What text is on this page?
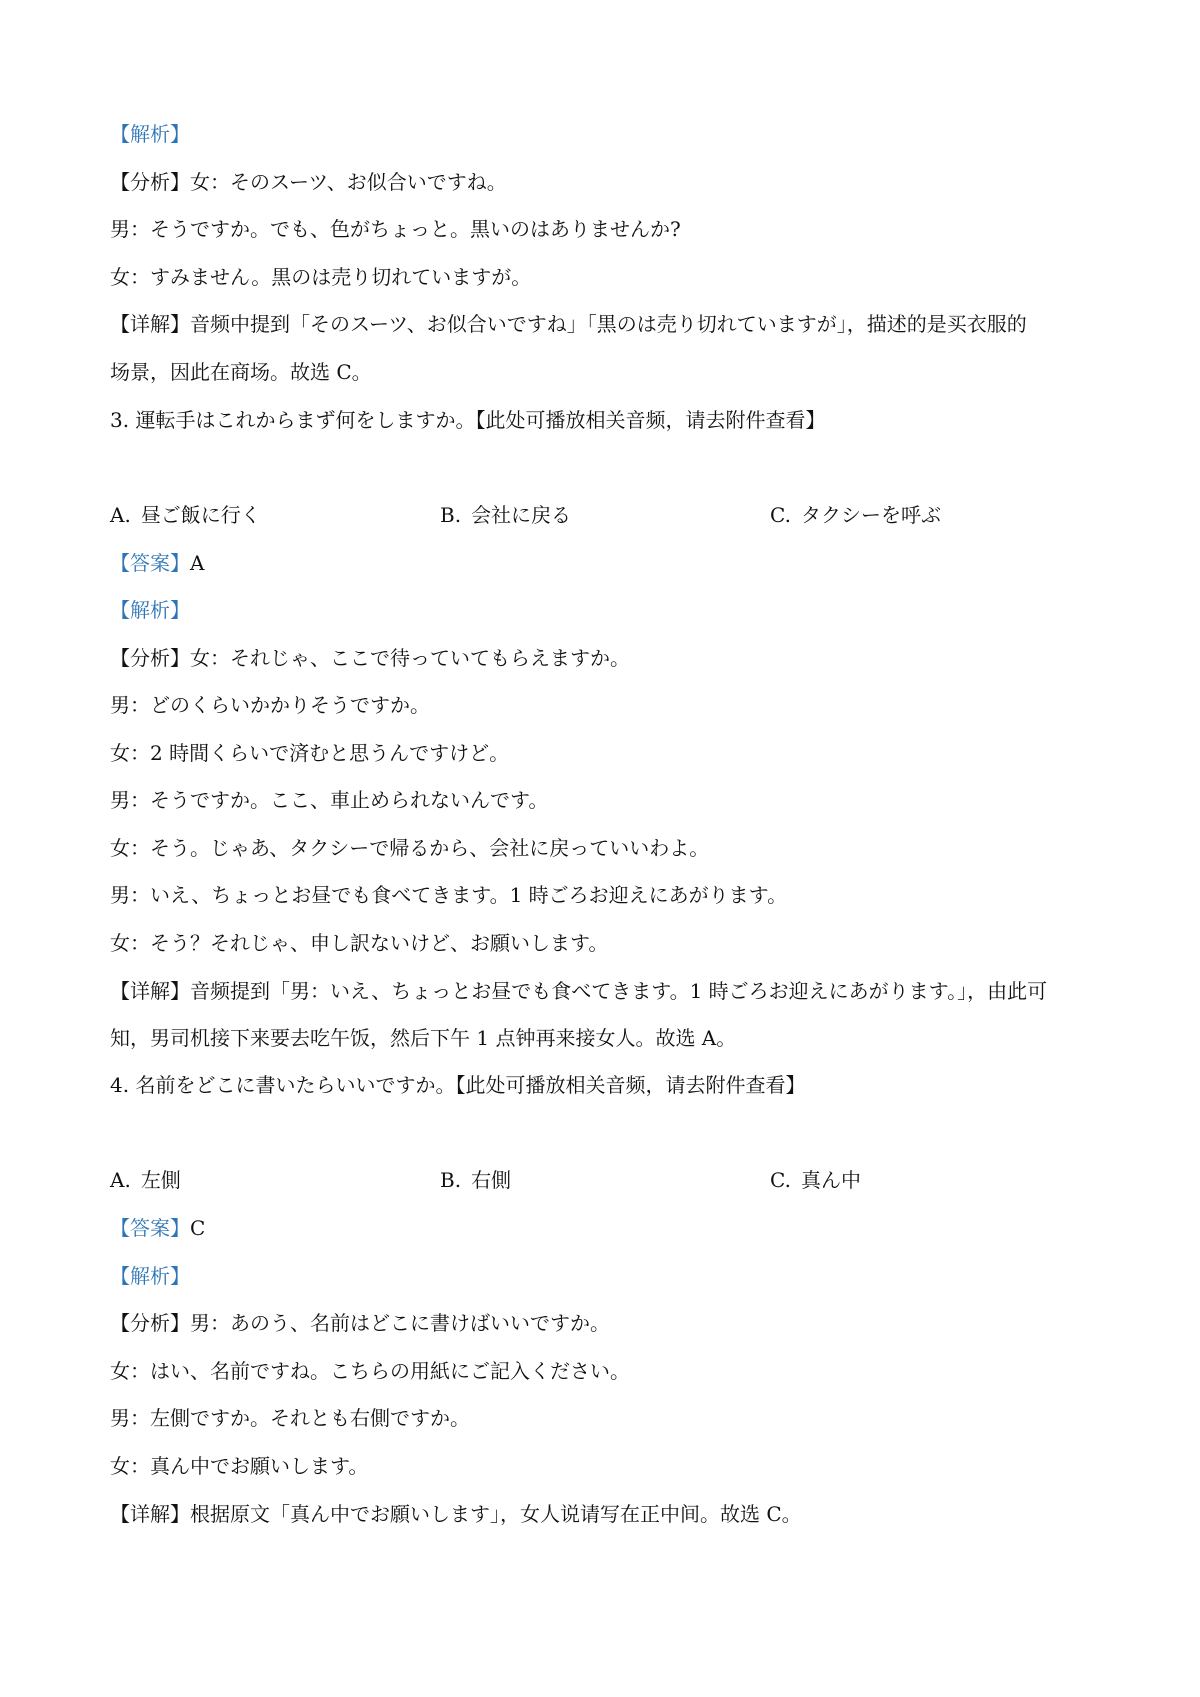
【解析】
【分析】女：そのスーツ、お似合いですね。
男：そうですか。でも、色がちょっと。黒いのはありませんか?
女：すみません。黒のは売り切れていますが。
【详解】音频中提到「そのスーツ、お似合いですね」「黒のは売り切れていますが」，描述的是买衣服的
场景，因此在商场。故选 C。
3. 運転手はこれからまず何をしますか。【此处可播放相关音频，请去附件查看】
A. 昼ご飯に行く	B. 会社に戻る	C. タクシーを呼ぶ
【答案】A
【解析】
【分析】女：それじゃ、ここで待っていてもらえますか。
男：どのくらいかかりそうですか。
女：2 時間くらいで済むと思うんですけど。
男：そうですか。ここ、車止められないんです。
女：そう。じゃあ、タクシーで帰るから、会社に戻っていいわよ。
男：いえ、ちょっとお昼でも食べてきます。1 時ごろお迎えにあがります。
女：そう？それじゃ、申し訳ないけど、お願いします。
【详解】音频提到「男：いえ、ちょっとお昼でも食べてきます。1 時ごろお迎えにあがります。」，由此可
知，男司机接下来要去吃午饭，然后下午 1 点钟再来接女人。故选 A。
4. 名前をどこに書いたらいいですか。【此处可播放相关音频，请去附件查看】
A. 左側	B. 右側	C. 真ん中
【答案】C
【解析】
【分析】男：あのう、名前はどこに書けばいいですか。
女：はい、名前ですね。こちらの用紙にご記入ください。
男：左側ですか。それとも右側ですか。
女：真ん中でお願いします。
【详解】根据原文「真ん中でお願いします」，女人说请写在正中间。故选 C。
